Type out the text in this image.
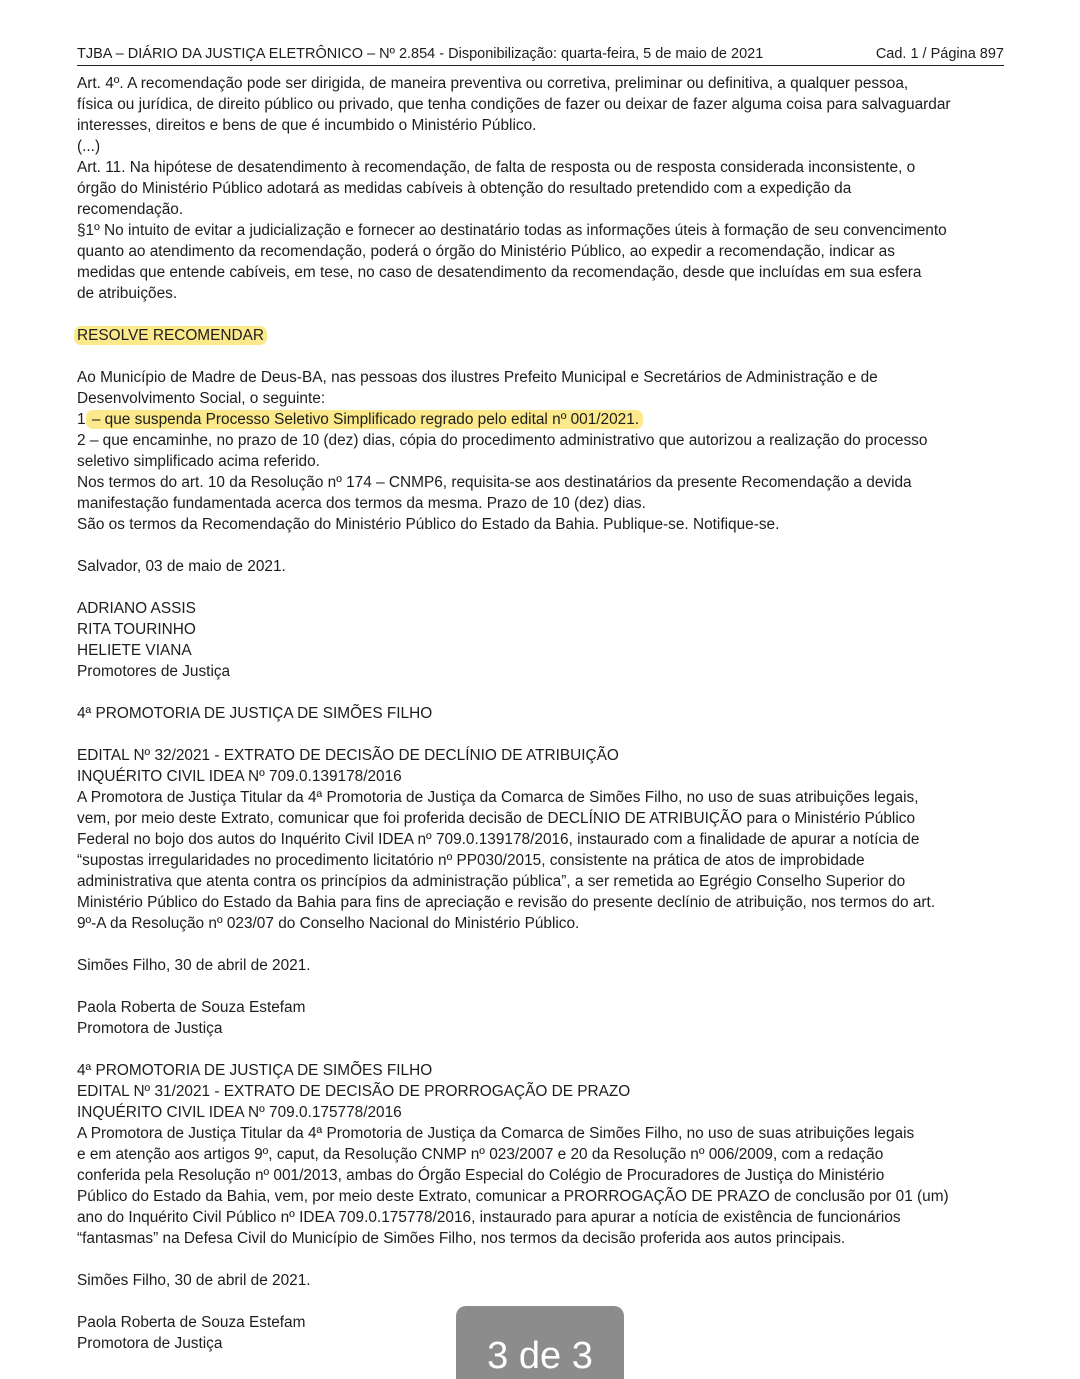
TJBA – DIÁRIO DA JUSTIÇA ELETRÔNICO – Nº 2.854 - Disponibilização: quarta-feira, 5 de maio de 2021	Cad. 1 / Página 897

Art. 4º. A recomendação pode ser dirigida, de maneira preventiva ou corretiva, preliminar ou definitiva, a qualquer pessoa,

física ou jurídica, de direito público ou privado, que tenha condições de fazer ou deixar de fazer alguma coisa para salvaguardar

interesses, direitos e bens de que é incumbido o Ministério Público.

(...)

Art. 11. Na hipótese de desatendimento à recomendação, de falta de resposta ou de resposta considerada inconsistente, o

órgão do Ministério Público adotará as medidas cabíveis à obtenção do resultado pretendido com a expedição da

recomendação.

§1º No intuito de evitar a judicialização e fornecer ao destinatário todas as informações úteis à formação de seu convencimento

quanto ao atendimento da recomendação, poderá o órgão do Ministério Público, ao expedir a recomendação, indicar as

medidas que entende cabíveis, em tese, no caso de desatendimento da recomendação, desde que incluídas em sua esfera

de atribuições.

RESOLVE RECOMENDAR

Ao Município de Madre de Deus-BA, nas pessoas dos ilustres Prefeito Municipal e Secretários de Administração e de

Desenvolvimento Social, o seguinte:

1 – que suspenda Processo Seletivo Simplificado regrado pelo edital nº 001/2021.

2 – que encaminhe, no prazo de 10 (dez) dias, cópia do procedimento administrativo que autorizou a realização do processo

seletivo simplificado acima referido.

Nos termos do art. 10 da Resolução nº 174 – CNMP6, requisita-se aos destinatários da presente Recomendação a devida

manifestação fundamentada acerca dos termos da mesma. Prazo de 10 (dez) dias.

São os termos da Recomendação do Ministério Público do Estado da Bahia. Publique-se. Notifique-se.

Salvador, 03 de maio de 2021.

ADRIANO ASSIS

RITA TOURINHO

HELIETE VIANA

Promotores de Justiça

4ª PROMOTORIA DE JUSTIÇA DE SIMÕES FILHO

EDITAL Nº 32/2021 - EXTRATO DE DECISÃO DE DECLÍNIO DE ATRIBUIÇÃO

INQUÉRITO CIVIL IDEA Nº 709.0.139178/2016

A Promotora de Justiça Titular da 4ª Promotoria de Justiça da Comarca de Simões Filho, no uso de suas atribuições legais,

vem, por meio deste Extrato, comunicar que foi proferida decisão de DECLÍNIO DE ATRIBUIÇÃO para o Ministério Público

Federal no bojo dos autos do Inquérito Civil IDEA nº 709.0.139178/2016, instaurado com a finalidade de apurar a notícia de

“supostas irregularidades no procedimento licitatório nº PP030/2015, consistente na prática de atos de improbidade

administrativa que atenta contra os princípios da administração pública”, a ser remetida ao Egrégio Conselho Superior do

Ministério Público do Estado da Bahia para fins de apreciação e revisão do presente declínio de atribuição, nos termos do art.

9º-A da Resolução nº 023/07 do Conselho Nacional do Ministério Público.

Simões Filho, 30 de abril de 2021.

Paola Roberta de Souza Estefam

Promotora de Justiça

4ª PROMOTORIA DE JUSTIÇA DE SIMÕES FILHO

EDITAL Nº 31/2021 - EXTRATO DE DECISÃO DE PRORROGAÇÃO DE PRAZO

INQUÉRITO CIVIL IDEA Nº 709.0.175778/2016

A Promotora de Justiça Titular da 4ª Promotoria de Justiça da Comarca de Simões Filho, no uso de suas atribuições legais

e em atenção aos artigos 9º, caput, da Resolução CNMP nº 023/2007 e 20 da Resolução nº 006/2009, com a redação

conferida pela Resolução nº 001/2013, ambas do Órgão Especial do Colégio de Procuradores de Justiça do Ministério

Público do Estado da Bahia, vem, por meio deste Extrato, comunicar a PRORROGAÇÃO DE PRAZO de conclusão por 01 (um)

ano do Inquérito Civil Público nº IDEA 709.0.175778/2016, instaurado para apurar a notícia de existência de funcionários

“fantasmas” na Defesa Civil do Município de Simões Filho, nos termos da decisão proferida aos autos principais.

Simões Filho, 30 de abril de 2021.

Paola Roberta de Souza Estefam

Promotora de Justiça	3 de 3
